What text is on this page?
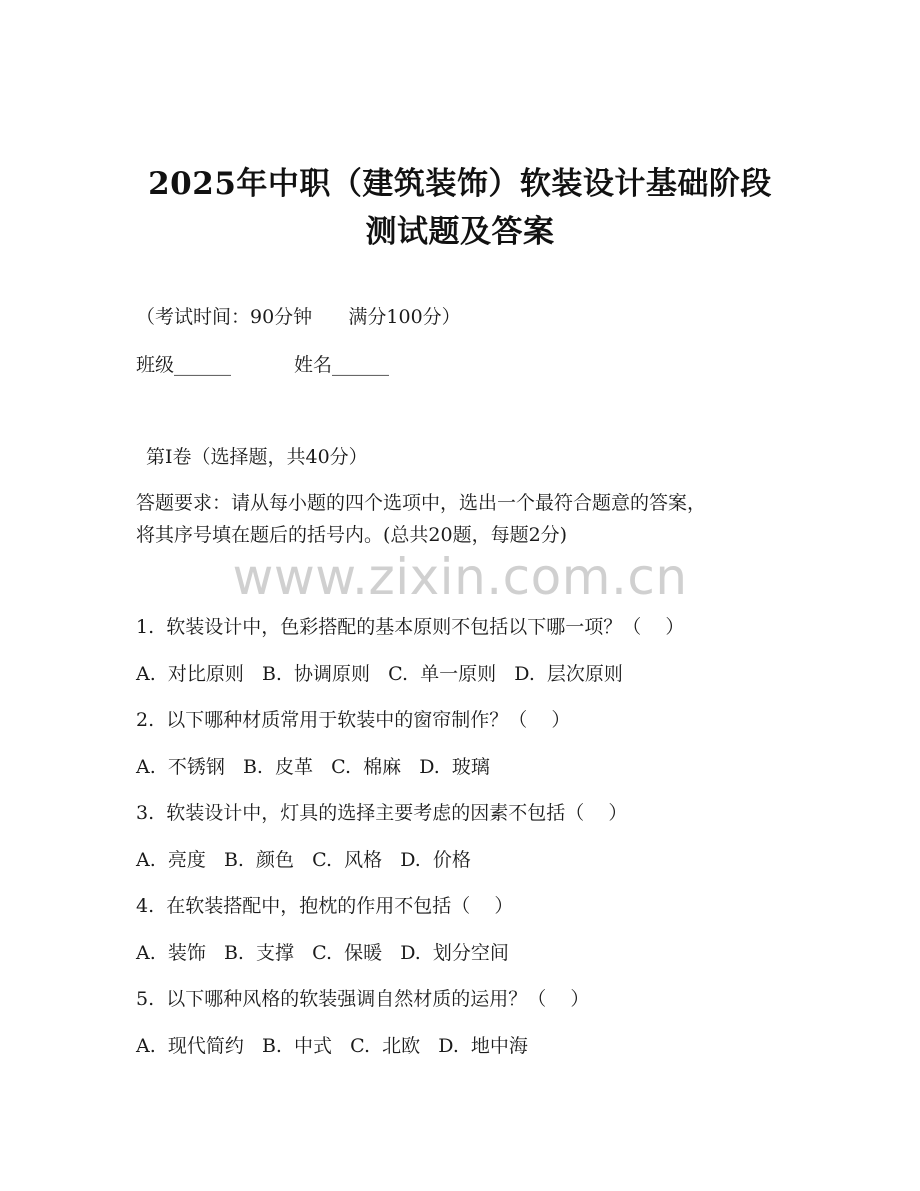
2025年中职（建筑装饰）软装设计基础阶段
测试题及答案
（考试时间：90分钟      满分100分）
班级______	姓名______
第Ⅰ卷（选择题，共40分）
答题要求：请从每小题的四个选项中，选出一个最符合题意的答案，
将其序号填在题后的括号内。(总共20题，每题2分)
www.zixin.com.cn
1.  软装设计中，色彩搭配的基本原则不包括以下哪一项？（    ）
A.  对比原则   B.  协调原则   C.  单一原则   D.  层次原则
2.  以下哪种材质常用于软装中的窗帘制作？（    ）
A.  不锈钢   B.  皮革   C.  棉麻   D.  玻璃
3.  软装设计中，灯具的选择主要考虑的因素不包括（    ）
A.  亮度   B.  颜色   C.  风格   D.  价格
4.  在软装搭配中，抱枕的作用不包括（    ）
A.  装饰   B.  支撑   C.  保暖   D.  划分空间
5.  以下哪种风格的软装强调自然材质的运用？（    ）
A.  现代简约   B.  中式   C.  北欧   D.  地中海
